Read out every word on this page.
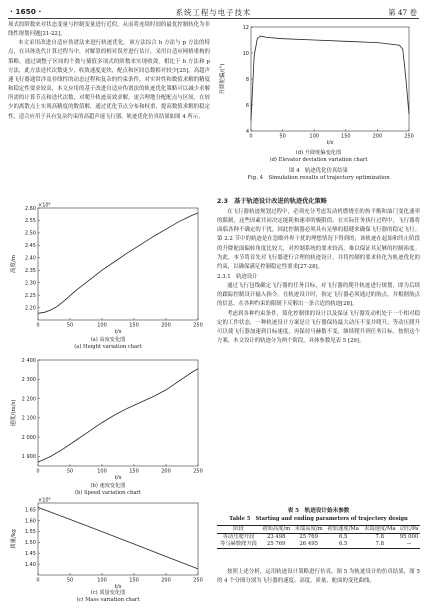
· 1650 ·	系统工程与电子技术	第 47 卷

项式的阶数来对状态变量与控制变量进行近似，从而将连续时间的最优控制转化为非线性规划问题[21-22]。

本文采用改进自适应伪谱法来进行轨迹优化。该方法综合 h 方法与 p 方法的特点，在具体迭代计算过程当中，对解算的相对误差进行估计，采用自适应网格重构的策略，通过调整子区间的个数与插值多项式的阶数来实现收敛。相比于 h 方法和 p 方法，此方法迭代次数更少，收敛速度更快，配点和区间总数相对较少[25]。高超声速飞行器通常涉及非线性的动态过程和复杂的约束条件，对实时性和数值求解的精度和稳定性要求较高，本文应用的基于改进自适应伪谱法的轨迹优化策略可以减少求解所需的计算节点和迭代次数，对爬升轨迹高效求解，更合理地分配配点与区间，在较少的离散点上实现高精度的数值解，通过优化节点分布和权重，提高数值求解的稳定性，适合应用于具有复杂约束的高超声速飞行器。轨迹优化仿真结果如图 4 所示。

0	50	100	150	200	250
2.20
2.25
2.30
2.35
2.40
2.45
2.50
2.55
2.60
×10⁴
t/s
高度/m
(a) 高度变化图
(a) Height variation chart
0	50	100	150	200	250
1 900
2 000
2 100
2 200
2 300
2 400
t/s
速度/(m/s)
(b) 速度变化图
(b) Speed variation chart
0	50	100	150	200	250
1.40
1.45
1.50
1.55
1.60
1.65
×10⁴
t/s
质量/kg
(c) 质量变化图
(c) Mass variation chart
0	50	100	150	200	250
4
6
8
10
12
t/s
升降舵偏/(°)
(d) 升降舵偏变化图
(d) Elevator deviation variation chart
图 4　轨迹优化仿真结果
Fig. 4　Simulation results of trajectory optimization
2.3　基于轨迹设计改进的轨迹优化策略

在飞行器轨迹规划过程中，必须充分考虑发动机燃烧室的热平衡和油门变化速率的限制，这些因素共同决定能耗和速率的极限值。在实际任务执行过程中，飞行器将面临各种不确定的干扰，因此控制器必须具有足够的稳健来确保飞行器的稳定飞行。第 2.2 节中的轨迹是在忽略外界干扰的理想情况下得到的，该轨迹在起始和终止阶段的升降舵面偏转角度比较大，对控制系统的要求较高，难以保证其足够的控制裕度。为此，本节将首先对飞行器进行合理的轨迹设计，并将控制的要求转化为轨迹优化的约束，以确保满足控制稳定性要求[27-28]。

2.3.1　轨迹设计

通过飞行包线确定飞行器的任务目标，对飞行器的爬升轨迹进行规划，即为后续的跟踪控制设计输入指令。在轨迹设计时，指定飞行器必须通过的航点，并根据航点的信息，在各种约束的限制下反解出一条合适的轨迹[28]。

考虑到各种约束条件，简化控制律的设计以及保证飞行器发动机处于一个相对稳定的工作状态，一种轨迹设计方案是让飞行器保持最大动压不变并爬升，等动压爬升可以使飞行器加速到目标速度，再保持马赫数不变，继续爬升到任务目标。按照这个方案，本文设计的轨迹分为两个阶段，具体参数见表 5 [29]。

表 5　轨迹设计始末参数
Table 5　Starting and ending parameters of trajectory design
阶段	初始高度/m	末端高度/m	初始速度/Ma	末端速度/Ma	动压/Pa
等动压爬升段	23 498	25 769	6.5	7.8	95 000
等马赫数爬升段	25 769	26 495	6.5	7.8	—

按照上述分析，运用轨迹设计策略进行仿真，图 5 为轨迹设计的仿真结果，图 5 的 4 个分图分别为飞行器的速度、高度、质量、舵面的变化曲线。
